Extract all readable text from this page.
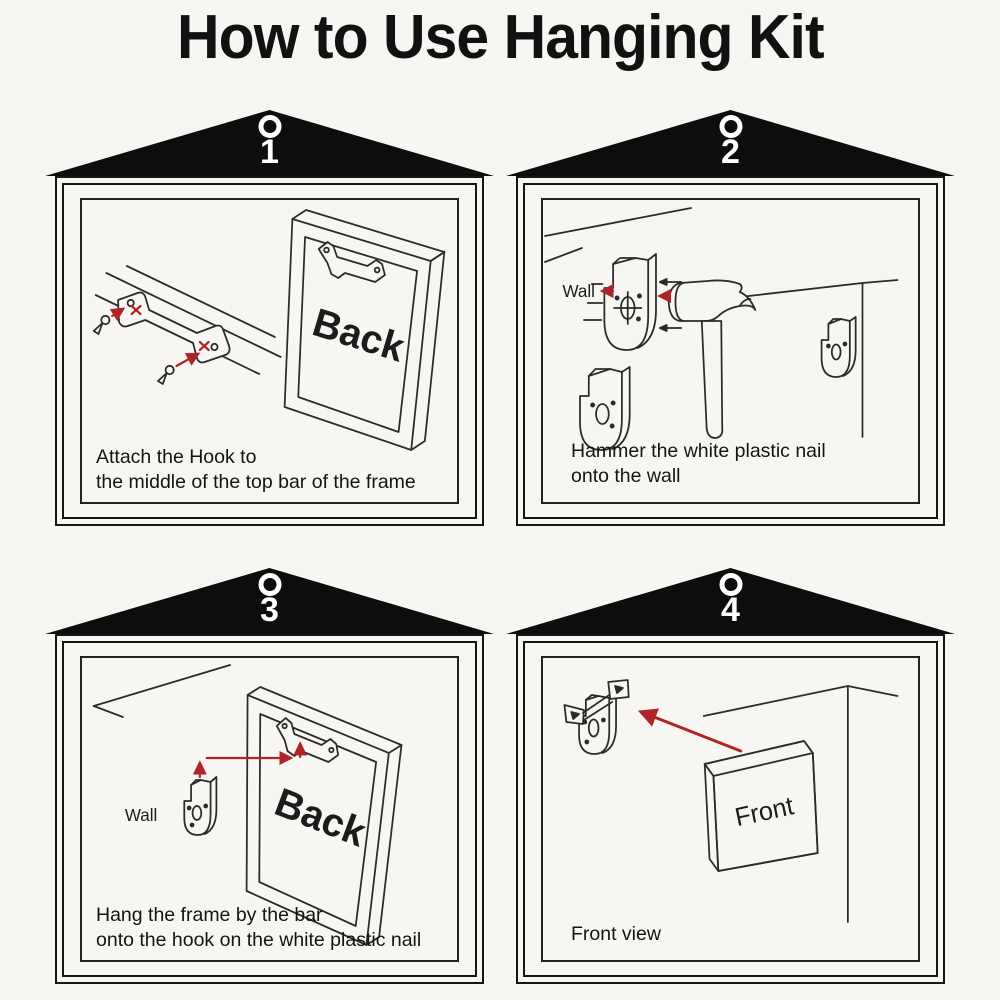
How to Use Hanging Kit
1
Back
Attach the Hook to
the middle of the top bar of the frame
2
Wall
Hammer the white plastic nail
onto the wall
3
Wall	Back
Hang the frame by the bar
onto the hook on the white plastic nail
4
Front
Front view
